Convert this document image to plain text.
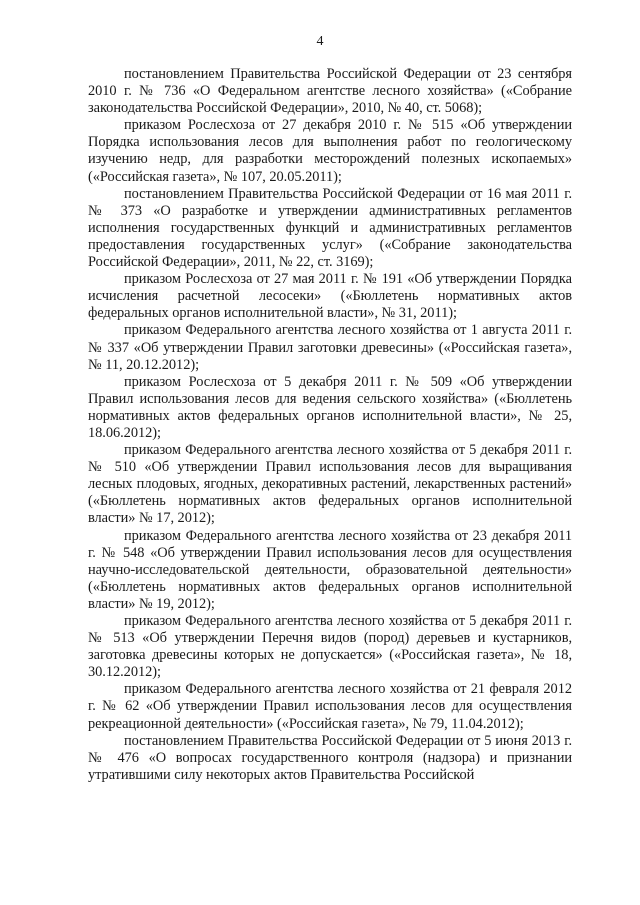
4

постановлением Правительства Российской Федерации от 23 сентября 2010 г. № 736 «О Федеральном агентстве лесного хозяйства» («Собрание законодательства Российской Федерации», 2010, № 40, ст. 5068);

приказом Рослесхоза от 27 декабря 2010 г. № 515 «Об утверждении Порядка использования лесов для выполнения работ по геологическому изучению недр, для разработки месторождений полезных ископаемых» («Российская газета», № 107, 20.05.2011);

постановлением Правительства Российской Федерации от 16 мая 2011 г. № 373 «О разработке и утверждении административных регламентов исполнения государственных функций и административных регламентов предоставления государственных услуг» («Собрание законодательства Российской Федерации», 2011, № 22, ст. 3169);

приказом Рослесхоза от 27 мая 2011 г. № 191 «Об утверждении Порядка исчисления расчетной лесосеки» («Бюллетень нормативных актов федеральных органов исполнительной власти», № 31, 2011);

приказом Федерального агентства лесного хозяйства от 1 августа 2011 г. № 337 «Об утверждении Правил заготовки древесины» («Российская газета», № 11, 20.12.2012);

приказом Рослесхоза от 5 декабря 2011 г. № 509 «Об утверждении Правил использования лесов для ведения сельского хозяйства» («Бюллетень нормативных актов федеральных органов исполнительной власти», № 25, 18.06.2012);

приказом Федерального агентства лесного хозяйства от 5 декабря 2011 г. № 510 «Об утверждении Правил использования лесов для выращивания лесных плодовых, ягодных, декоративных растений, лекарственных растений» («Бюллетень нормативных актов федеральных органов исполнительной власти» № 17, 2012);

приказом Федерального агентства лесного хозяйства от 23 декабря 2011 г. № 548 «Об утверждении Правил использования лесов для осуществления научно-исследовательской деятельности, образовательной деятельности» («Бюллетень нормативных актов федеральных органов исполнительной власти» № 19, 2012);

приказом Федерального агентства лесного хозяйства от 5 декабря 2011 г. № 513 «Об утверждении Перечня видов (пород) деревьев и кустарников, заготовка древесины которых не допускается» («Российская газета», № 18, 30.12.2012);

приказом Федерального агентства лесного хозяйства от 21 февраля 2012 г. № 62 «Об утверждении Правил использования лесов для осуществления рекреационной деятельности» («Российская газета», № 79, 11.04.2012);

постановлением Правительства Российской Федерации от 5 июня 2013 г. № 476 «О вопросах государственного контроля (надзора) и признании утратившими силу некоторых актов Правительства Российской
